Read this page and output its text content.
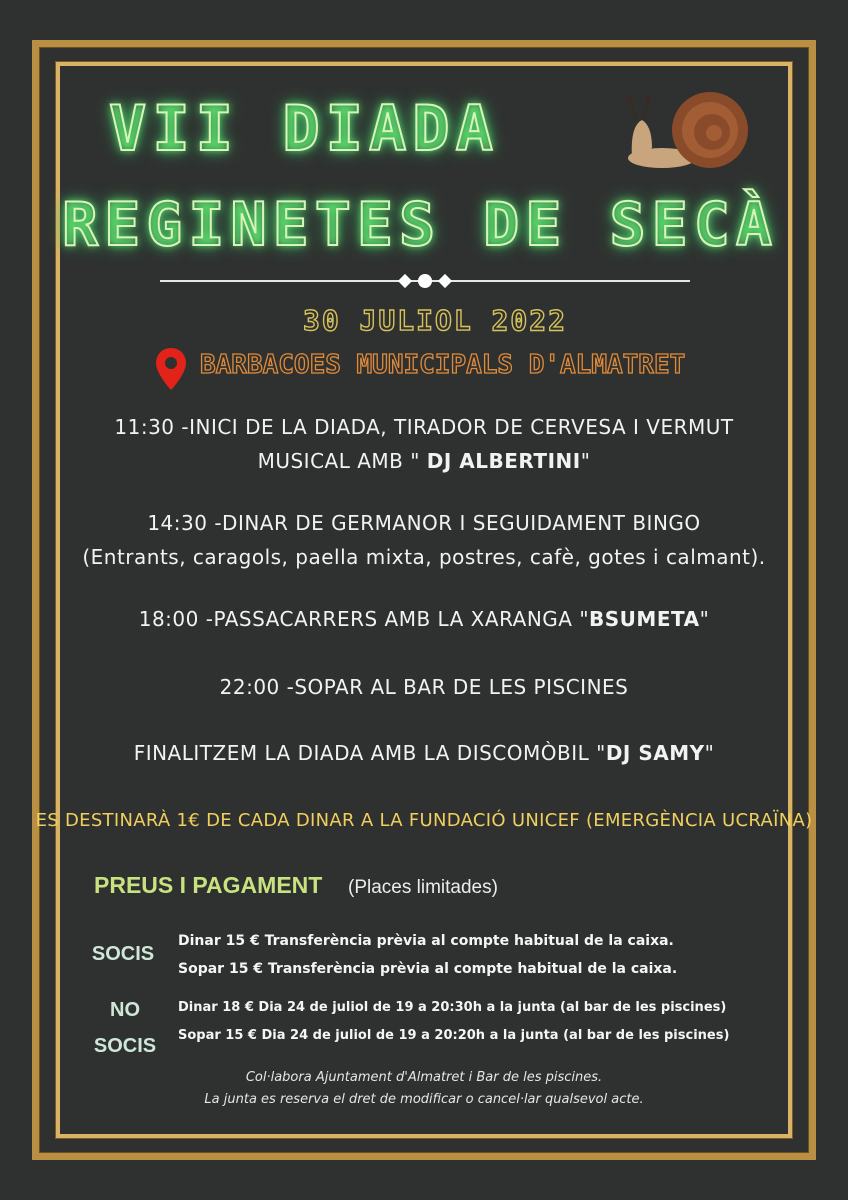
VII DIADA
REGINETES DE SECÀ
30 JULIOL 2022
BARBACOES MUNICIPALS D'ALMATRET
11:30 -INICI DE LA DIADA, TIRADOR DE CERVESA I VERMUT
MUSICAL AMB " DJ ALBERTINI"
14:30 -DINAR DE GERMANOR I SEGUIDAMENT BINGO
(Entrants, caragols, paella mixta, postres, cafè, gotes i calmant).
18:00 -PASSACARRERS AMB LA XARANGA "BSUMETA"
22:00 -SOPAR AL BAR DE LES PISCINES
FINALITZEM LA DIADA AMB LA DISCOMÒBIL "DJ SAMY"
ES DESTINARÀ 1€ DE CADA DINAR A LA FUNDACIÓ UNICEF (EMERGÈNCIA UCRAÏNA)
PREUS I PAGAMENT (Places limitades)
SOCIS
NO
SOCIS
Dinar 15 € Transferència prèvia al compte habitual de la caixa.
Sopar 15 € Transferència prèvia al compte habitual de la caixa.
Dinar 18 € Dia 24 de juliol de 19 a 20:30h a la junta (al bar de les piscines)
Sopar 15 € Dia 24 de juliol de 19 a 20:20h a la junta (al bar de les piscines)
Col·labora Ajuntament d'Almatret i Bar de les piscines.
La junta es reserva el dret de modificar o cancel·lar qualsevol acte.
